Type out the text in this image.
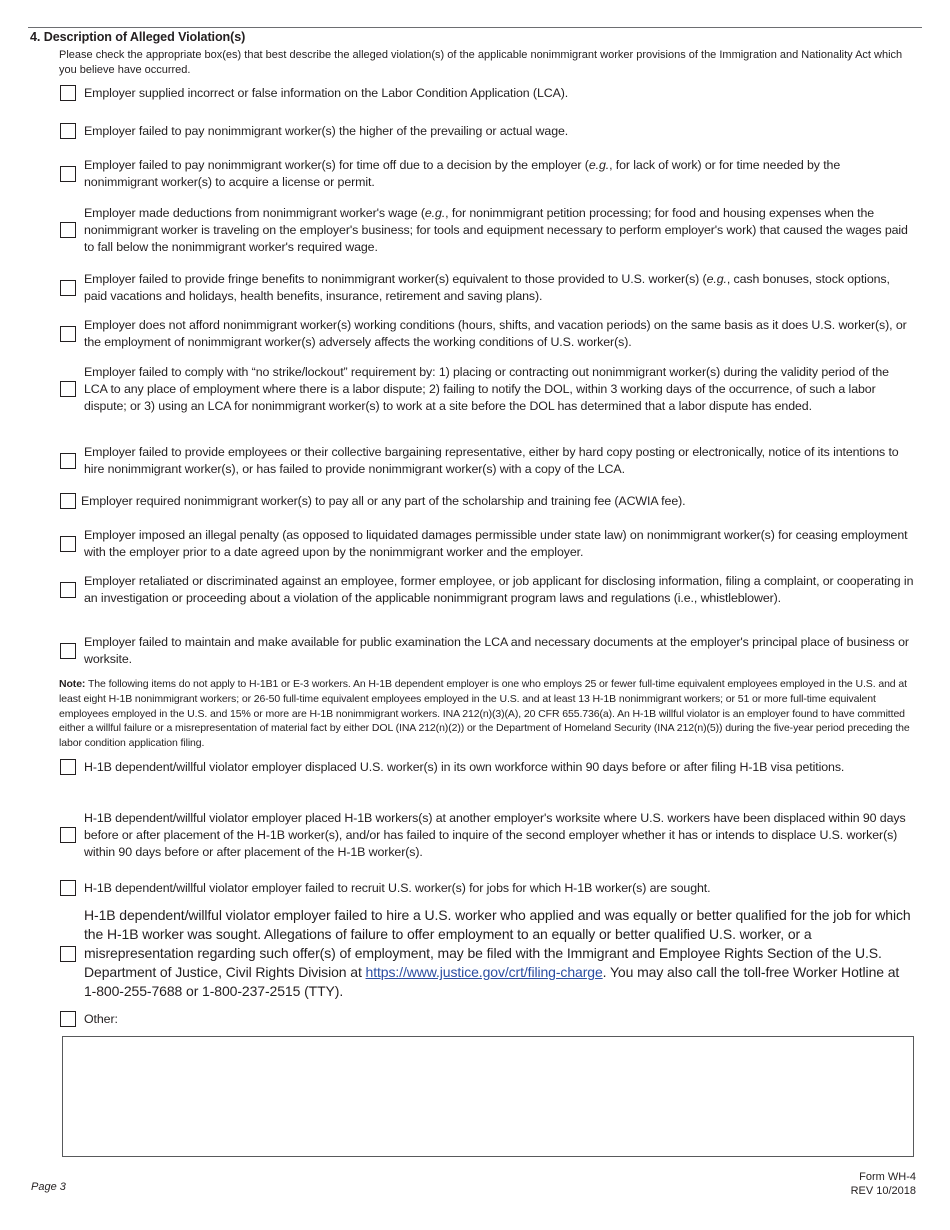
4. Description of Alleged Violation(s)
Please check the appropriate box(es) that best describe the alleged violation(s) of the applicable nonimmigrant worker provisions of the Immigration and Nationality Act which you believe have occurred.
Employer supplied incorrect or false information on the Labor Condition Application (LCA).
Employer failed to pay nonimmigrant worker(s) the higher of the prevailing or actual wage.
Employer failed to pay nonimmigrant worker(s) for time off due to a decision by the employer (e.g., for lack of work) or for time needed by the nonimmigrant worker(s) to acquire a license or permit.
Employer made deductions from nonimmigrant worker's wage (e.g., for nonimmigrant petition processing; for food and housing expenses when the nonimmigrant worker is traveling on the employer's business; for tools and equipment necessary to perform employer's work) that caused the wages paid to fall below the nonimmigrant worker's required wage.
Employer failed to provide fringe benefits to nonimmigrant worker(s) equivalent to those provided to U.S. worker(s) (e.g., cash bonuses, stock options, paid vacations and holidays, health benefits, insurance, retirement and saving plans).
Employer does not afford nonimmigrant worker(s) working conditions (hours, shifts, and vacation periods) on the same basis as it does U.S. worker(s), or the employment of nonimmigrant worker(s) adversely affects the working conditions of U.S. worker(s).
Employer failed to comply with “no strike/lockout” requirement by: 1) placing or contracting out nonimmigrant worker(s) during the validity period of the LCA to any place of employment where there is a labor dispute; 2) failing to notify the DOL, within 3 working days of the occurrence, of such a labor dispute; or 3) using an LCA for nonimmigrant worker(s) to work at a site before the DOL has determined that a labor dispute has ended.
Employer failed to provide employees or their collective bargaining representative, either by hard copy posting or electronically, notice of its intentions to hire nonimmigrant worker(s), or has failed to provide nonimmigrant worker(s) with a copy of the LCA.
Employer required nonimmigrant worker(s) to pay all or any part of the scholarship and training fee (ACWIA fee).
Employer imposed an illegal penalty (as opposed to liquidated damages permissible under state law) on nonimmigrant worker(s) for ceasing employment with the employer prior to a date agreed upon by the nonimmigrant worker and the employer.
Employer retaliated or discriminated against an employee, former employee, or job applicant for disclosing information, filing a complaint, or cooperating in an investigation or proceeding about a violation of the applicable nonimmigrant program laws and regulations (i.e., whistleblower).
Employer failed to maintain and make available for public examination the LCA and necessary documents at the employer's principal place of business or worksite.
Note: The following items do not apply to H-1B1 or E-3 workers. An H-1B dependent employer is one who employs 25 or fewer full-time equivalent employees employed in the U.S. and at least eight H-1B nonimmigrant workers; or 26-50 full-time equivalent employees employed in the U.S. and at least 13 H-1B nonimmigrant workers; or 51 or more full-time equivalent employees employed in the U.S. and 15% or more are H-1B nonimmigrant workers. INA 212(n)(3)(A), 20 CFR 655.736(a). An H-1B willful violator is an employer found to have committed either a willful failure or a misrepresentation of material fact by either DOL (INA 212(n)(2)) or the Department of Homeland Security (INA 212(n)(5)) during the five-year period preceding the labor condition application filing.
H-1B dependent/willful violator employer displaced U.S. worker(s) in its own workforce within 90 days before or after filing H-1B visa petitions.
H-1B dependent/willful violator employer placed H-1B workers(s) at another employer's worksite where U.S. workers have been displaced within 90 days before or after placement of the H-1B worker(s), and/or has failed to inquire of the second employer whether it has or intends to displace U.S. worker(s) within 90 days before or after placement of the H-1B worker(s).
H-1B dependent/willful violator employer failed to recruit U.S. worker(s) for jobs for which H-1B worker(s) are sought.
H-1B dependent/willful violator employer failed to hire a U.S. worker who applied and was equally or better qualified for the job for which the H-1B worker was sought. Allegations of failure to offer employment to an equally or better qualified U.S. worker, or a misrepresentation regarding such offer(s) of employment, may be filed with the Immigrant and Employee Rights Section of the U.S. Department of Justice, Civil Rights Division at https://www.justice.gov/crt/filing-charge. You may also call the toll-free Worker Hotline at 1-800-255-7688 or 1-800-237-2515 (TTY).
Other:
Page 3
Form WH-4
REV 10/2018
